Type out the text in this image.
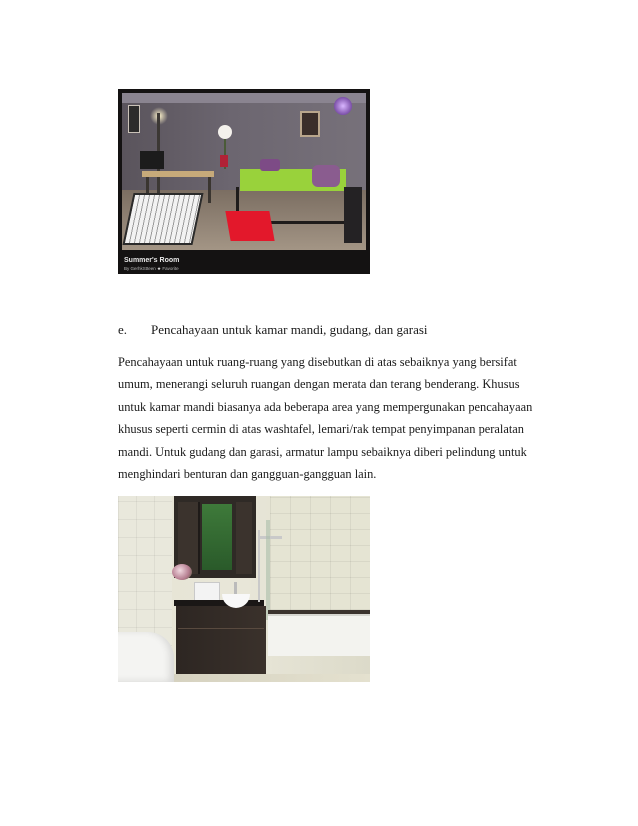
Summer's Room
By GerhkStteen ★ Favorite
e. Pencahayaan untuk kamar mandi, gudang, dan garasi

Pencahayaan untuk ruang-ruang yang disebutkan di atas sebaiknya yang bersifat
umum, menerangi seluruh ruangan dengan merata dan terang benderang. Khusus
untuk kamar mandi biasanya ada beberapa area yang mempergunakan pencahayaan
khusus seperti cermin di atas washtafel, lemari/rak tempat penyimpanan peralatan
mandi. Untuk gudang dan garasi, armatur lampu sebaiknya diberi pelindung untuk
menghindari benturan dan gangguan-gangguan lain.
